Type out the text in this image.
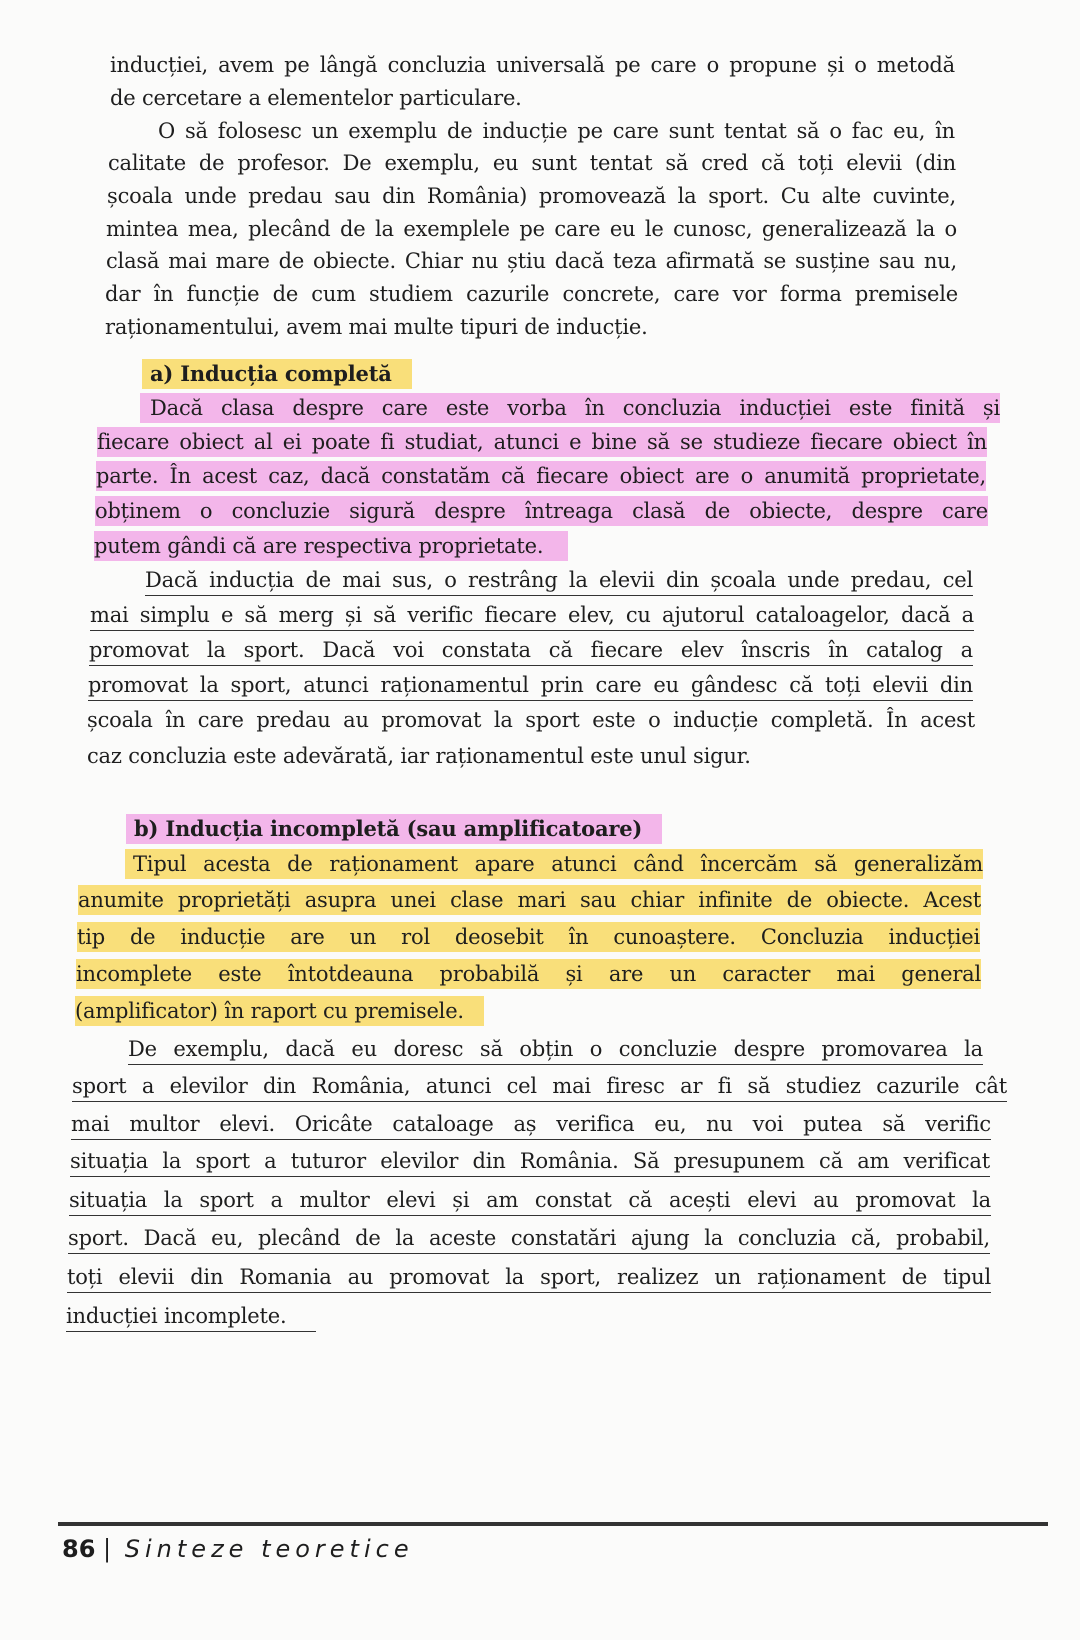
inducției, avem pe lângă concluzia universală pe care o propune și o metodă
de cercetare a elementelor particulare.
O să folosesc un exemplu de inducție pe care sunt tentat să o fac eu, în
calitate de profesor. De exemplu, eu sunt tentat să cred că toți elevii (din
școala unde predau sau din România) promovează la sport. Cu alte cuvinte,
mintea mea, plecând de la exemplele pe care eu le cunosc, generalizează la o
clasă mai mare de obiecte. Chiar nu știu dacă teza afirmată se susține sau nu,
dar în funcție de cum studiem cazurile concrete, care vor forma premisele
raționamentului, avem mai multe tipuri de inducție.
a) Inducția completă
Dacă clasa despre care este vorba în concluzia inducției este finită și
fiecare obiect al ei poate fi studiat, atunci e bine să se studieze fiecare obiect în
parte. În acest caz, dacă constatăm că fiecare obiect are o anumită proprietate,
obținem o concluzie sigură despre întreaga clasă de obiecte, despre care
putem gândi că are respectiva proprietate.
Dacă inducția de mai sus, o restrâng la elevii din școala unde predau, cel
mai simplu e să merg și să verific fiecare elev, cu ajutorul cataloagelor, dacă a
promovat la sport. Dacă voi constata că fiecare elev înscris în catalog a
promovat la sport, atunci raționamentul prin care eu gândesc că toți elevii din
școala în care predau au promovat la sport este o inducție completă. În acest
caz concluzia este adevărată, iar raționamentul este unul sigur.
b) Inducția incompletă (sau amplificatoare)
Tipul acesta de raționament apare atunci când încercăm să generalizăm
anumite proprietăți asupra unei clase mari sau chiar infinite de obiecte. Acest
tip de inducție are un rol deosebit în cunoaștere. Concluzia inducției
incomplete este întotdeauna probabilă și are un caracter mai general
(amplificator) în raport cu premisele.
De exemplu, dacă eu doresc să obțin o concluzie despre promovarea la
sport a elevilor din România, atunci cel mai firesc ar fi să studiez cazurile cât
mai multor elevi. Oricâte cataloage aș verifica eu, nu voi putea să verific
situația la sport a tuturor elevilor din România. Să presupunem că am verificat
situația la sport a multor elevi și am constat că acești elevi au promovat la
sport. Dacă eu, plecând de la aceste constatări ajung la concluzia că, probabil,
toți elevii din Romania au promovat la sport, realizez un raționament de tipul
inducției incomplete.
86 | Sinteze teoretice
